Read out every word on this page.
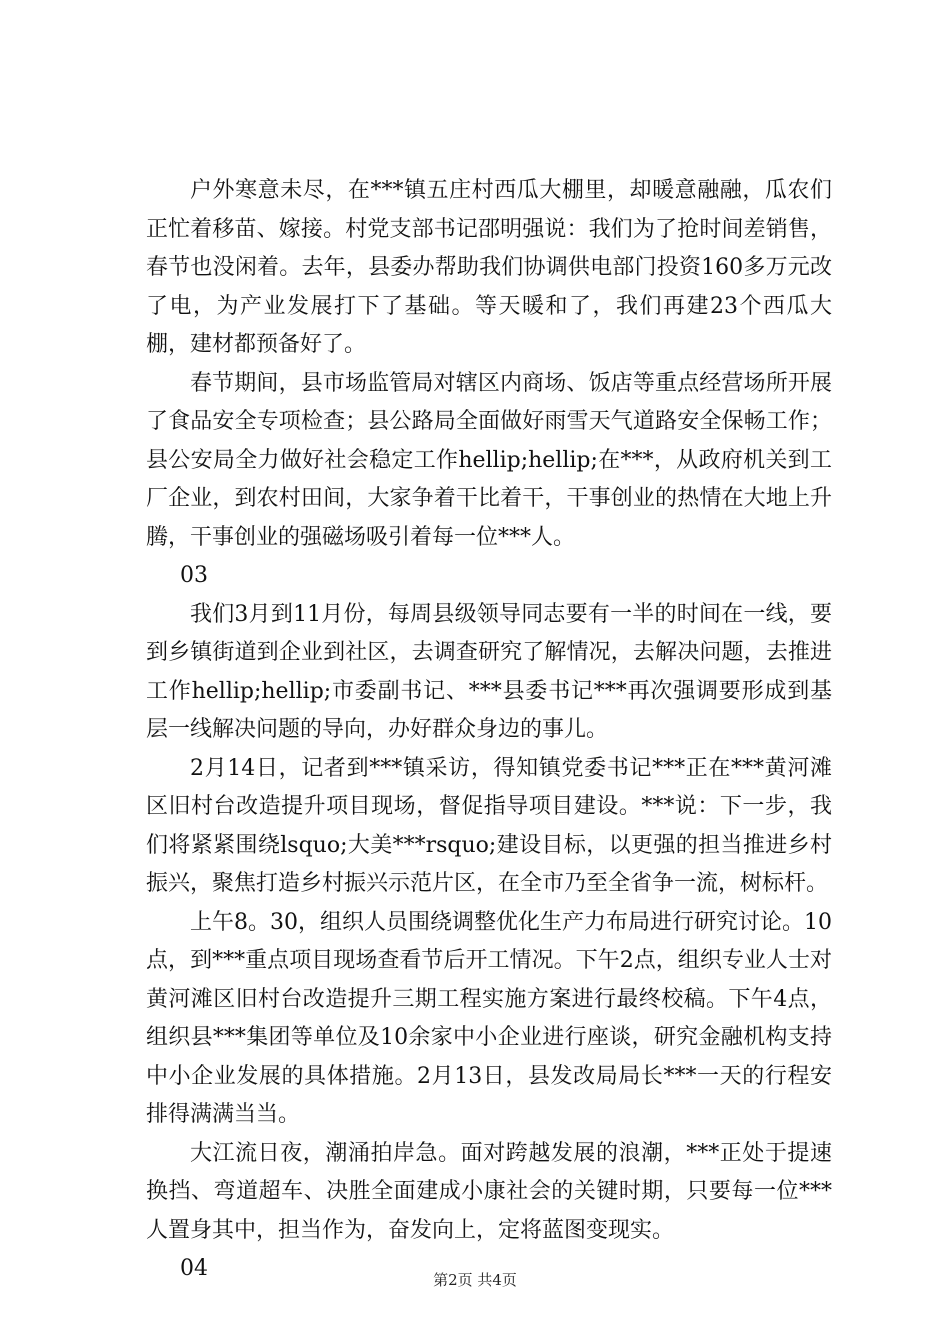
户外寒意未尽，在***镇五庄村西瓜大棚里，却暖意融融，瓜农们正忙着移苗、嫁接。村党支部书记邵明强说：我们为了抢时间差销售，春节也没闲着。去年，县委办帮助我们协调供电部门投资160多万元改了电，为产业发展打下了基础。等天暖和了，我们再建23个西瓜大棚，建材都预备好了。

春节期间，县市场监管局对辖区内商场、饭店等重点经营场所开展了食品安全专项检查；县公路局全面做好雨雪天气道路安全保畅工作；县公安局全力做好社会稳定工作hellip;hellip;在***，从政府机关到工厂企业，到农村田间，大家争着干比着干，干事创业的热情在大地上升腾，干事创业的强磁场吸引着每一位***人。

03

我们3月到11月份，每周县级领导同志要有一半的时间在一线，要到乡镇街道到企业到社区，去调查研究了解情况，去解决问题，去推进工作hellip;hellip;市委副书记、***县委书记***再次强调要形成到基层一线解决问题的导向，办好群众身边的事儿。

2月14日，记者到***镇采访，得知镇党委书记***正在***黄河滩区旧村台改造提升项目现场，督促指导项目建设。***说：下一步，我们将紧紧围绕lsquo;大美***rsquo;建设目标，以更强的担当推进乡村振兴，聚焦打造乡村振兴示范片区，在全市乃至全省争一流，树标杆。

上午8。30，组织人员围绕调整优化生产力布局进行研究讨论。10点，到***重点项目现场查看节后开工情况。下午2点，组织专业人士对黄河滩区旧村台改造提升三期工程实施方案进行最终校稿。下午4点，组织县***集团等单位及10余家中小企业进行座谈，研究金融机构支持中小企业发展的具体措施。2月13日，县发改局局长***一天的行程安排得满满当当。

大江流日夜，潮涌拍岸急。面对跨越发展的浪潮，***正处于提速换挡、弯道超车、决胜全面建成小康社会的关键时期，只要每一位***人置身其中，担当作为，奋发向上，定将蓝图变现实。

04	第2页 共4页
